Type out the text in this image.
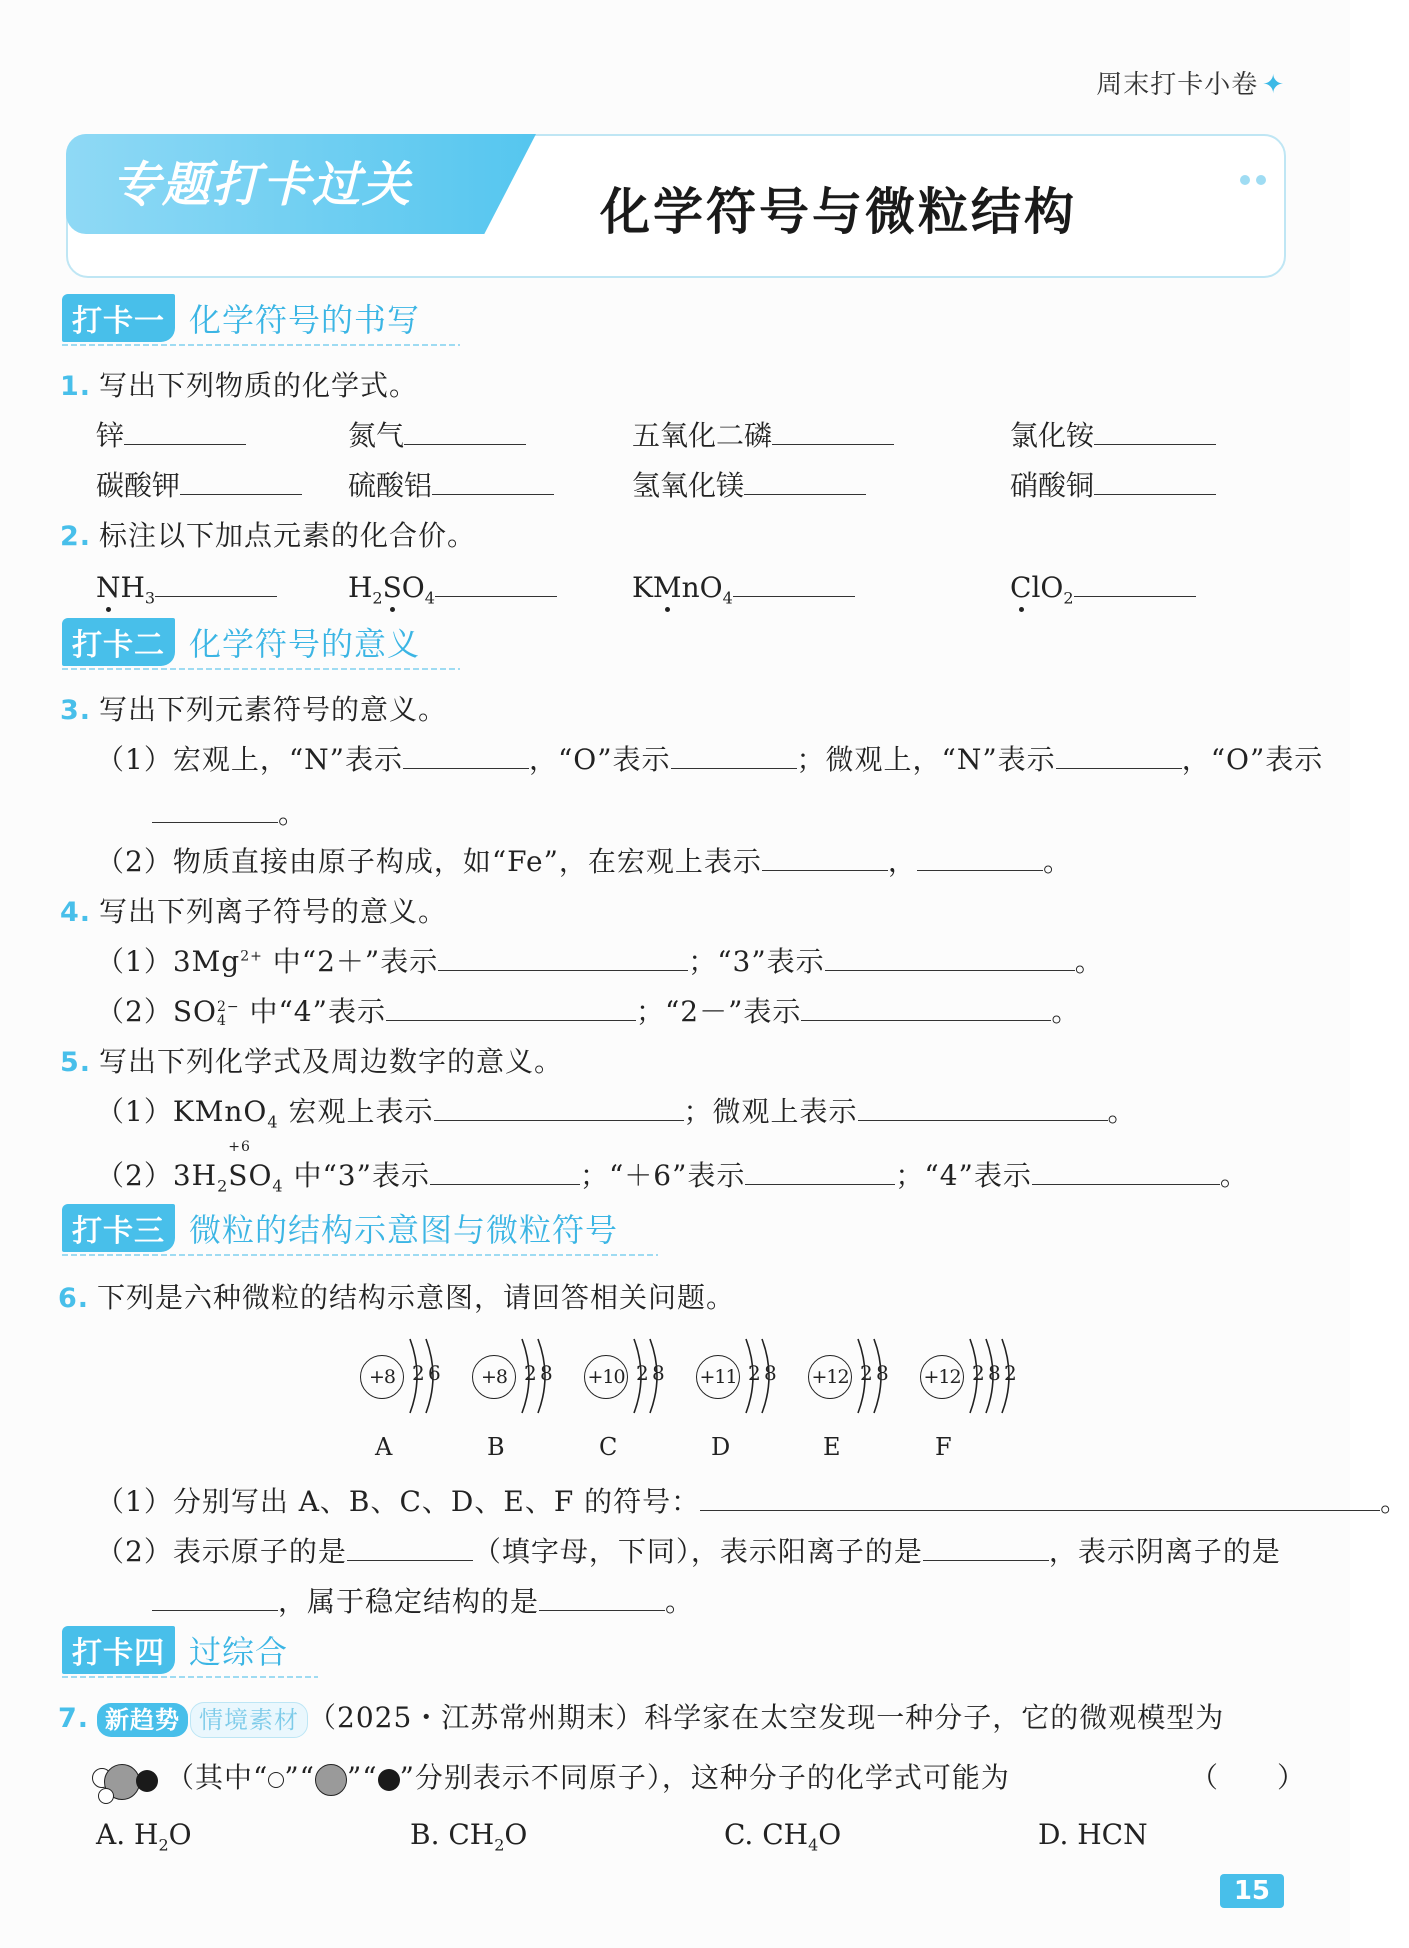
周末打卡小卷 ✦
专题打卡过关	化学符号与微粒结构
打卡一 化学符号的书写
1. 写出下列物质的化学式。
锌	氮气	五氧化二磷	氯化铵
碳酸钾	硫酸铝	氢氧化镁	硝酸铜
2. 标注以下加点元素的化合价。
$NH_3$	$H_2SO_4$	KMnO$_4$	ClO$_2$
打卡二 化学符号的意义
3. 写出下列元素符号的意义。
（1）宏观上，“N”表示	，“O”表示	；微观上，“N”表示	，“O”表示
。
（2）物质直接由原子构成，如“Fe”，在宏观上表示	，	。
4. 写出下列离子符号的意义。
$(1)3Mg^{2+}$ 中“2＋”表示	；“3”表示	。
（2）SO 2−
4 中“4”表示	；“2－”表示	。
5. 写出下列化学式及周边数字的意义。
（1）KMnO$_4$ 宏观上表示	；微观上表示	。
$(2)3H_2S$
+6
$O_4$ 中“3”表示	；“＋6”表示	；“4”表示	。
打卡三 微粒的结构示意图与微粒符号
6. 下列是六种微粒的结构示意图，请回答相关问题。
+8 2 6
A
+8 2 8
B
+10 2 8
C
+11 2 8
D
+12 2 8
E
+12 2 8 2
F
（1）分别写出 A、B、C、D、E、F 的符号：	。
（2）表示原子的是	（填字母，下同），表示阳离子的是	，表示阴离子的是
，属于稳定结构的是	。
打卡四 过综合
7. 新趋势 情境素材 （2025・江苏常州期末）科学家在太空发现一种分子，它的微观模型为
（其中“ ”“ ”“ ”分别表示不同原子），这种分子的化学式可能为	（　　）
A. $H_2O$	B. $CH_2O$	C. $CH_4O$	D. HCN
15
